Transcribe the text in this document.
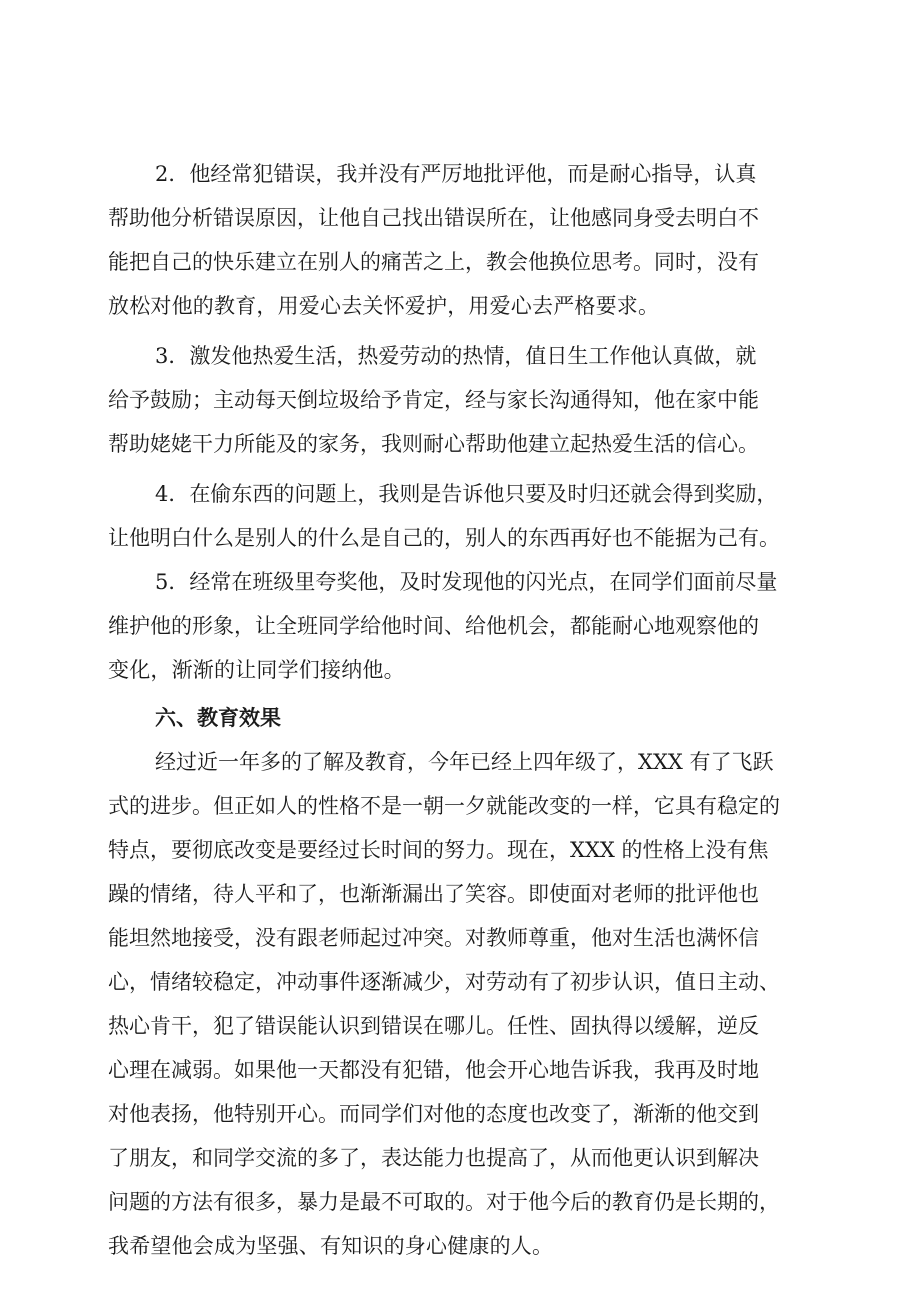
2．他经常犯错误，我并没有严厉地批评他，而是耐心指导，认真
帮助他分析错误原因，让他自己找出错误所在，让他感同身受去明白不
能把自己的快乐建立在别人的痛苦之上，教会他换位思考。同时，没有
放松对他的教育，用爱心去关怀爱护，用爱心去严格要求。
3．激发他热爱生活，热爱劳动的热情，值日生工作他认真做，就
给予鼓励；主动每天倒垃圾给予肯定，经与家长沟通得知，他在家中能
帮助姥姥干力所能及的家务，我则耐心帮助他建立起热爱生活的信心。
4．在偷东西的问题上，我则是告诉他只要及时归还就会得到奖励，
让他明白什么是别人的什么是自己的，别人的东西再好也不能据为己有。
5．经常在班级里夸奖他，及时发现他的闪光点，在同学们面前尽量
维护他的形象，让全班同学给他时间、给他机会，都能耐心地观察他的
变化，渐渐的让同学们接纳他。
六、教育效果
经过近一年多的了解及教育，今年已经上四年级了，XXX 有了飞跃
式的进步。但正如人的性格不是一朝一夕就能改变的一样，它具有稳定的
特点，要彻底改变是要经过长时间的努力。现在，XXX 的性格上没有焦
躁的情绪，待人平和了，也渐渐漏出了笑容。即使面对老师的批评他也
能坦然地接受，没有跟老师起过冲突。对教师尊重，他对生活也满怀信
心，情绪较稳定，冲动事件逐渐减少，对劳动有了初步认识，值日主动、
热心肯干，犯了错误能认识到错误在哪儿。任性、固执得以缓解，逆反
心理在减弱。如果他一天都没有犯错，他会开心地告诉我，我再及时地
对他表扬，他特别开心。而同学们对他的态度也改变了，渐渐的他交到
了朋友，和同学交流的多了，表达能力也提高了，从而他更认识到解决
问题的方法有很多，暴力是最不可取的。对于他今后的教育仍是长期的，
我希望他会成为坚强、有知识的身心健康的人。
